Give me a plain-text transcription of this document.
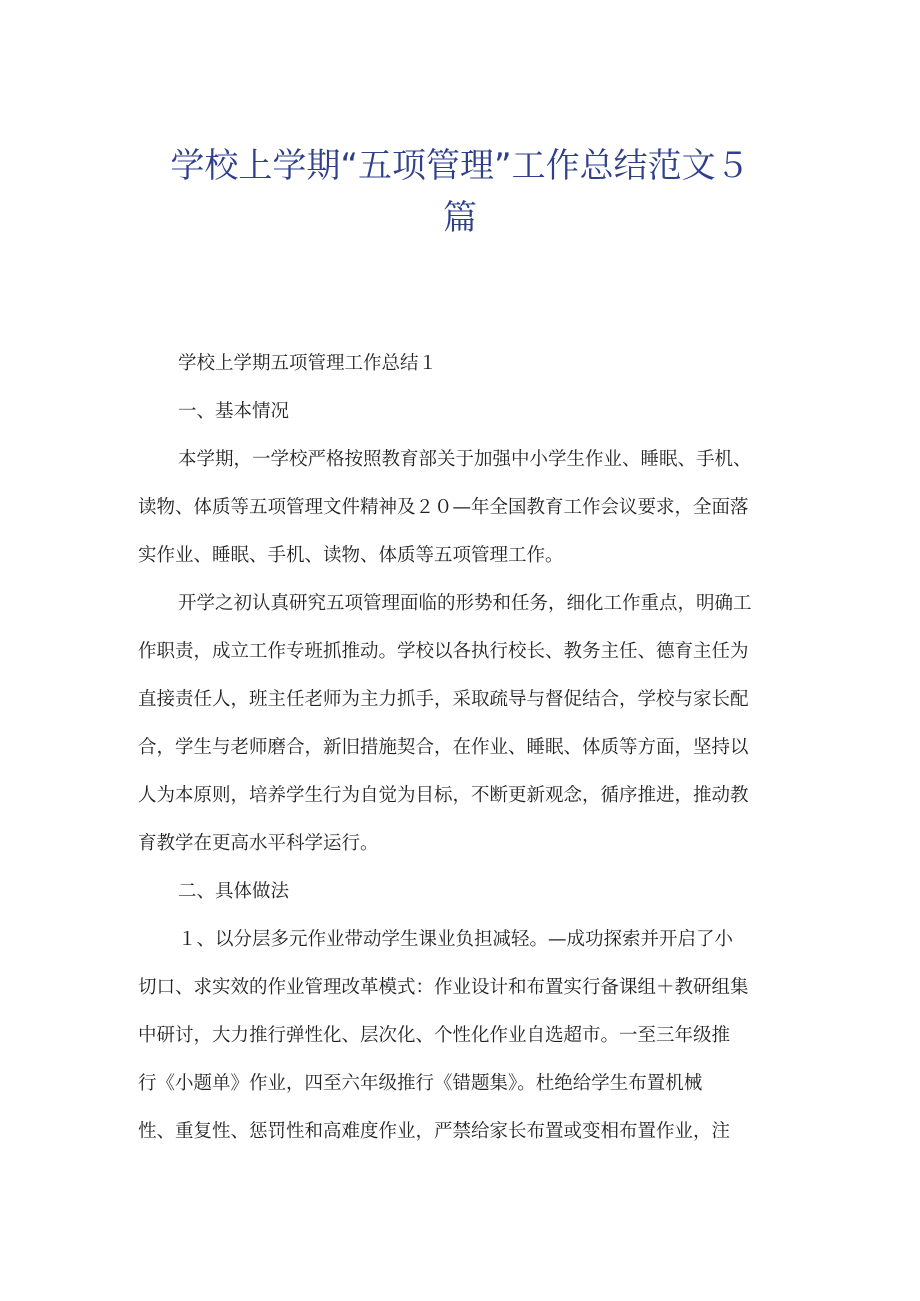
学校上学期“五项管理”工作总结范文５
篇
学校上学期五项管理工作总结１
一、基本情况
本学期，一学校严格按照教育部关于加强中小学生作业、睡眠、手机、
读物、体质等五项管理文件精神及２０—年全国教育工作会议要求，全面落
实作业、睡眠、手机、读物、体质等五项管理工作。
开学之初认真研究五项管理面临的形势和任务，细化工作重点，明确工
作职责，成立工作专班抓推动。学校以各执行校长、教务主任、德育主任为
直接责任人，班主任老师为主力抓手，采取疏导与督促结合，学校与家长配
合，学生与老师磨合，新旧措施契合，在作业、睡眠、体质等方面，坚持以
人为本原则，培养学生行为自觉为目标，不断更新观念，循序推进，推动教
育教学在更高水平科学运行。
二、具体做法
１、以分层多元作业带动学生课业负担减轻。—成功探索并开启了小
切口、求实效的作业管理改革模式：作业设计和布置实行备课组＋教研组集
中研讨，大力推行弹性化、层次化、个性化作业自选超市。一至三年级推
行《小题单》作业，四至六年级推行《错题集》。杜绝给学生布置机械
性、重复性、惩罚性和高难度作业，严禁给家长布置或变相布置作业，注
